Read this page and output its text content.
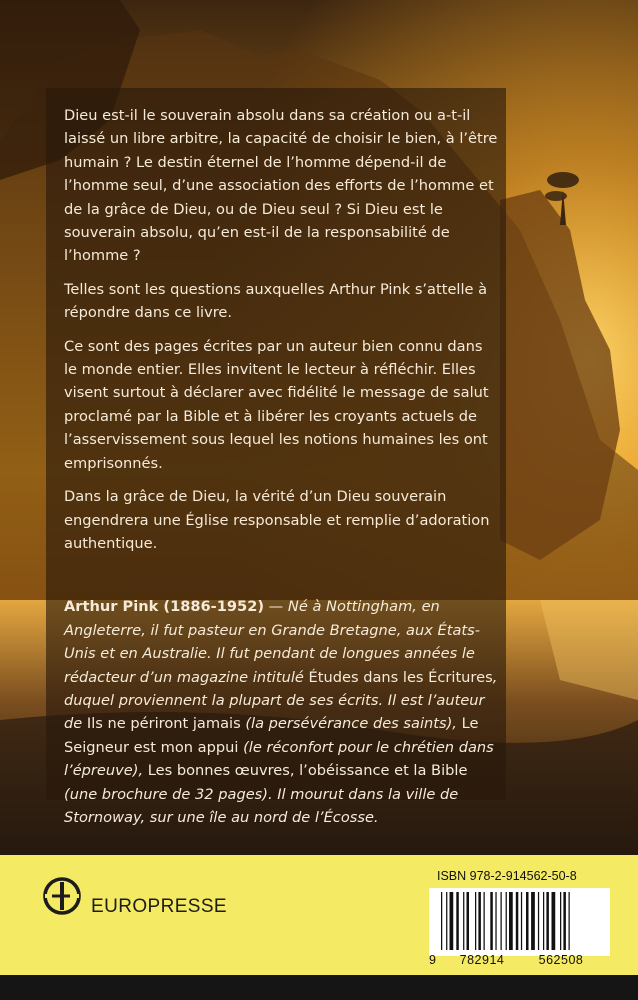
Dieu est-il le souverain absolu dans sa création ou a-t-il laissé un libre arbitre, la capacité de choisir le bien, à l’être humain ? Le destin éternel de l’homme dépend-il de l’homme seul, d’une association des efforts de l’homme et de la grâce de Dieu, ou de Dieu seul ? Si Dieu est le souverain absolu, qu’en est-il de la responsabilité de l’homme ?

Telles sont les questions auxquelles Arthur Pink s’attelle à répondre dans ce livre.

Ce sont des pages écrites par un auteur bien connu dans le monde entier. Elles invitent le lecteur à réfléchir. Elles visent surtout à déclarer avec fidélité le message de salut proclamé par la Bible et à libérer les croyants actuels de l’asservissement sous lequel les notions humaines les ont emprisonnés.

Dans la grâce de Dieu, la vérité d’un Dieu souverain engendrera une Église responsable et remplie d’adoration authentique.

Arthur Pink (1886-1952) — Né à Nottingham, en Angleterre, il fut pasteur en Grande Bretagne, aux États-Unis et en Australie. Il fut pendant de longues années le rédacteur d’un magazine intitulé Études dans les Écritures, duquel proviennent la plupart de ses écrits. Il est l’auteur de Ils ne périront jamais (la persévérance des saints), Le Seigneur est mon appui (le réconfort pour le chrétien dans l’épreuve), Les bonnes œuvres, l’obéissance et la Bible (une brochure de 32 pages). Il mourut dans la ville de Stornoway, sur une île au nord de l’Écosse.

EUROPRESSE
ISBN 978-2-914562-50-8
9 782914	562508
